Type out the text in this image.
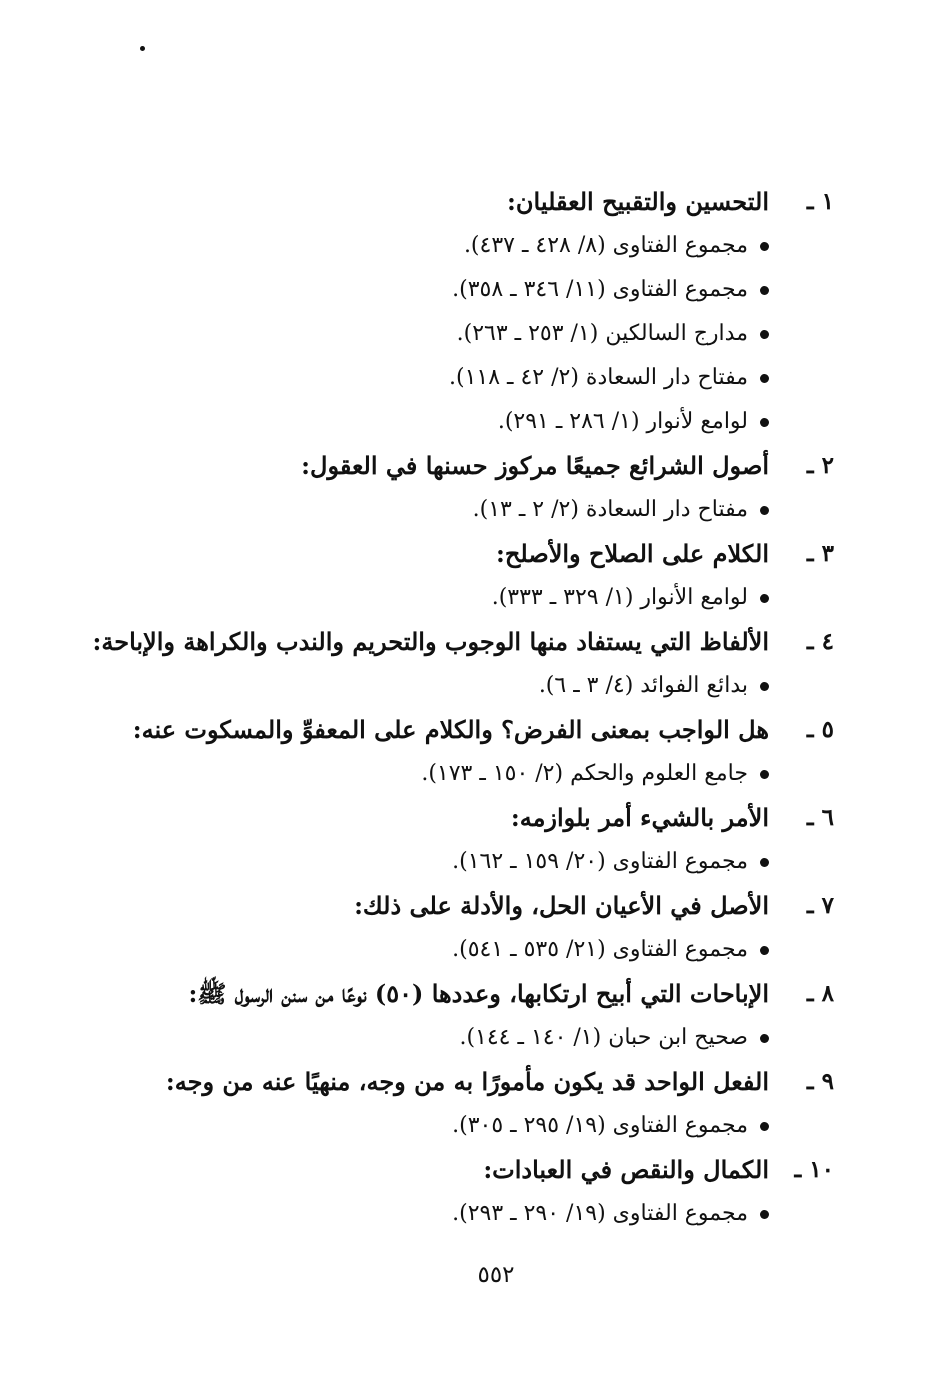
١ ـ
التحسين والتقبيح العقليان:
مجموع الفتاوى (٨/ ٤٢٨ ـ ٤٣٧).
مجموع الفتاوى (١١/ ٣٤٦ ـ ٣٥٨).
مدارج السالكين (١/ ٢٥٣ ـ ٢٦٣).
مفتاح دار السعادة (٢/ ٤٢ ـ ١١٨).
لوامع لأنوار (١/ ٢٨٦ ـ ٢٩١).
٢ ـ
أصول الشرائع جميعًا مركوز حسنها في العقول:
مفتاح دار السعادة (٢/ ٢ ـ ١٣).
٣ ـ
الكلام على الصلاح والأصلح:
لوامع الأنوار (١/ ٣٢٩ ـ ٣٣٣).
٤ ـ
الألفاظ التي يستفاد منها الوجوب والتحريم والندب والكراهة والإباحة:
بدائع الفوائد (٤/ ٣ ـ ٦).
٥ ـ
هل الواجب بمعنى الفرض؟ والكلام على المعفوِّ والمسكوت عنه:
جامع العلوم والحكم (٢/ ١٥٠ ـ ١٧٣).
٦ ـ
الأمر بالشيء أمر بلوازمه:
مجموع الفتاوى (٢٠/ ١٥٩ ـ ١٦٢).
٧ ـ
الأصل في الأعيان الحل، والأدلة على ذلك:
مجموع الفتاوى (٢١/ ٥٣٥ ـ ٥٤١).
٨ ـ
الإباحات التي أبيح ارتكابها، وعددها (٥٠) نوعًا من سنن الرسول ﷺ:
صحيح ابن حبان (١/ ١٤٠ ـ ١٤٤).
٩ ـ
الفعل الواحد قد يكون مأمورًا به من وجه، منهيًا عنه من وجه:
مجموع الفتاوى (١٩/ ٢٩٥ ـ ٣٠٥).
١٠ ـ
الكمال والنقص في العبادات:
مجموع الفتاوى (١٩/ ٢٩٠ ـ ٢٩٣).
٥٥٢
